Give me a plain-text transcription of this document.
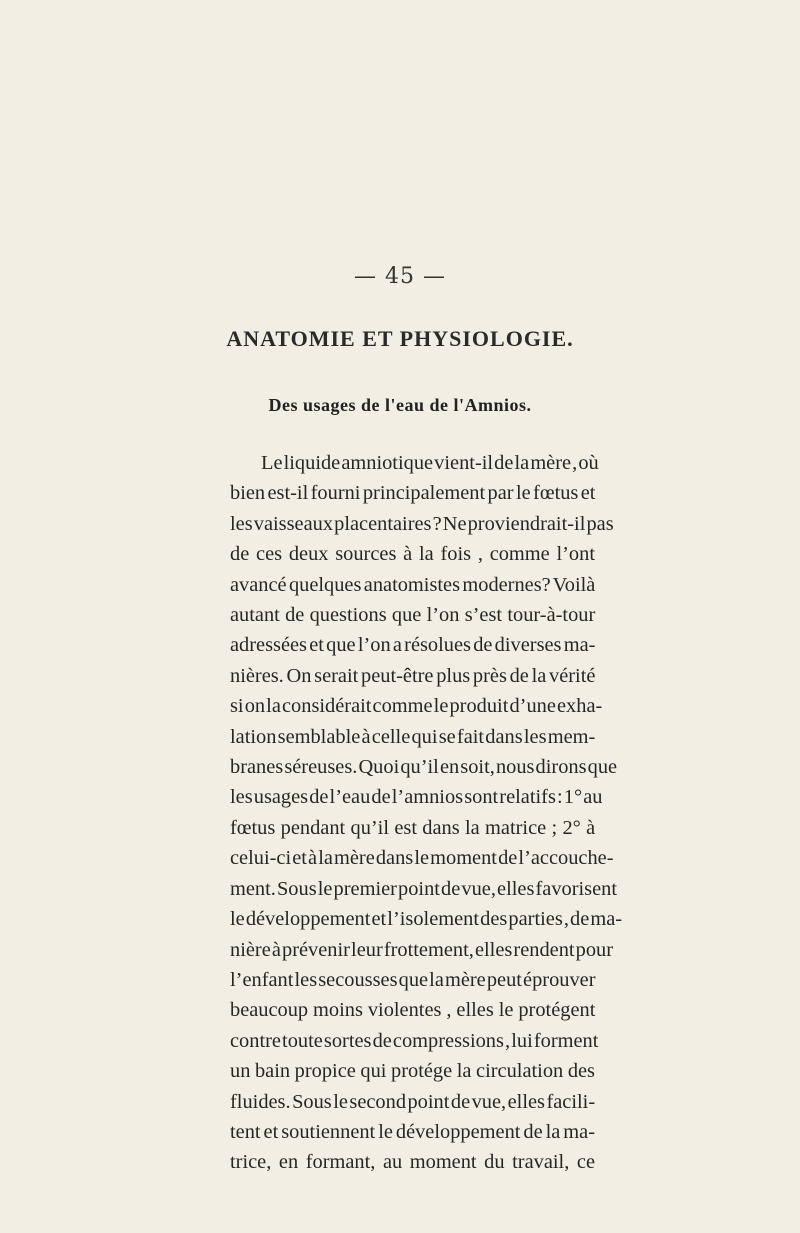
— 45 —
ANATOMIE ET PHYSIOLOGIE.
Des usages de l'eau de l'Amnios.
Le liquide amniotique vient-il de la mère , où
bien est-il fourni principalement par le fœtus et
les vaisseaux placentaires ? Ne proviendrait-il pas
de ces deux sources à la fois , comme l’ont
avancé quelques anatomistes modernes? Voilà
autant de questions que l’on s’est tour-à-tour
adressées et que l’on a résolues de diverses ma-
nières. On serait peut-être plus près de la vérité
si on la considérait comme le produit d’une exha-
lation semblable à celle qui se fait dans les mem-
branes séreuses. Quoi qu’il en soit, nous dirons que
les usages de l’eau de l’amnios sont relatifs : 1° au
fœtus pendant qu’il est dans la matrice ; 2° à
celui-ci et à la mère dans le moment de l’accouche-
ment. Sous le premier point de vue, elles favorisent
le développement et l’isolement des parties , de ma-
nière à prévenir leur frottement, elles rendent pour
l’enfant les secousses que la mère peut éprouver
beaucoup moins violentes , elles le protégent
contre toute sortes de compressions , lui forment
un bain propice qui protége la circulation des
fluides. Sous le second point de vue, elles facili-
tent et soutiennent le développement de la ma-
trice, en formant, au moment du travail, ce
